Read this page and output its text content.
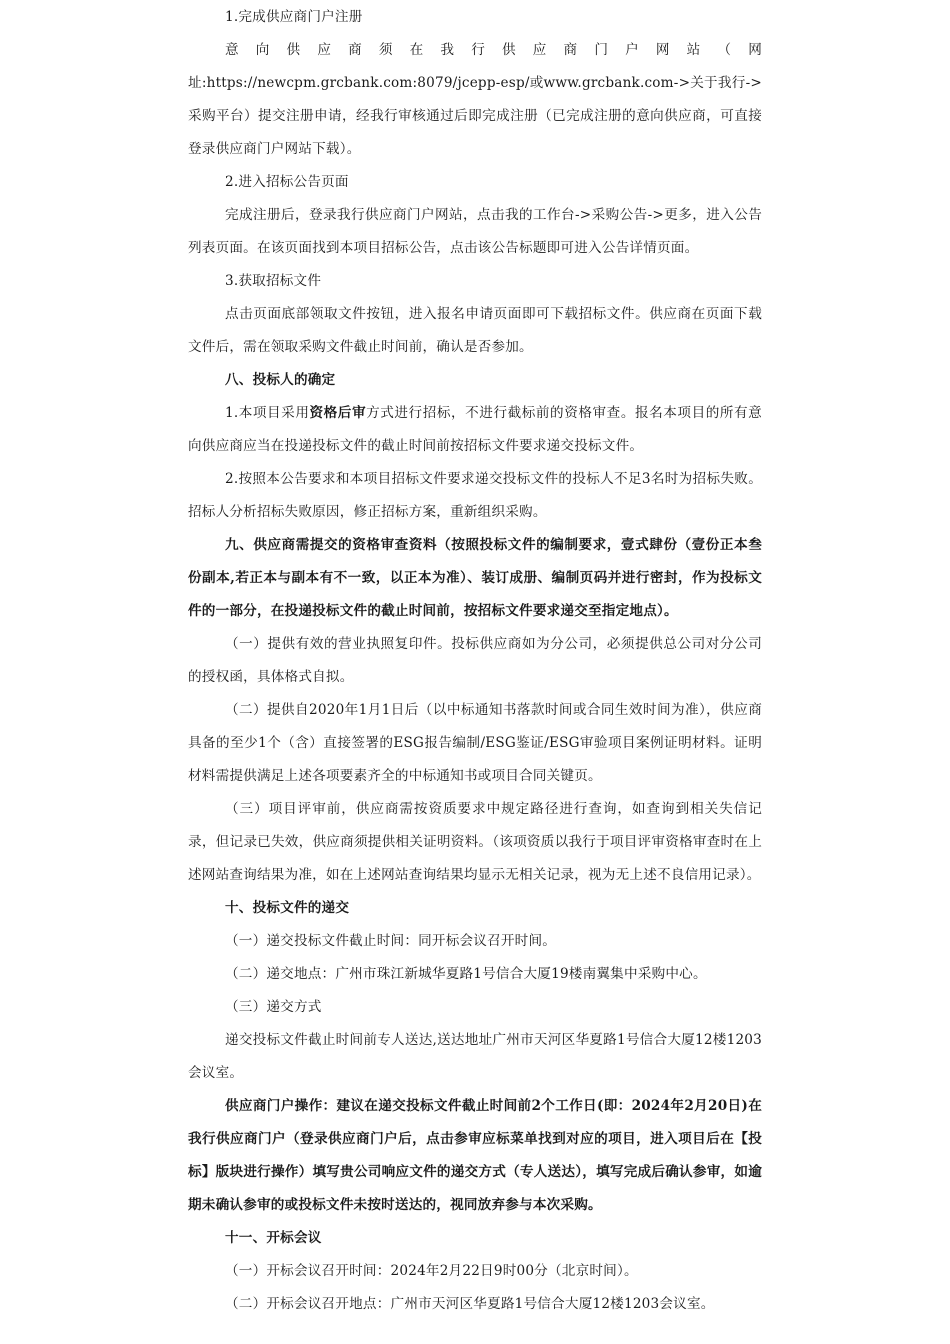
1.完成供应商门户注册

意向供应商须在我行供应商门户网站（网址:https://newcpm.grcbank.com:8079/jcepp-esp/或www.grcbank.com->关于我行->采购平台）提交注册申请，经我行审核通过后即完成注册（已完成注册的意向供应商，可直接登录供应商门户网站下载）。

2.进入招标公告页面

完成注册后，登录我行供应商门户网站，点击我的工作台->采购公告->更多，进入公告列表页面。在该页面找到本项目招标公告，点击该公告标题即可进入公告详情页面。

3.获取招标文件

点击页面底部领取文件按钮，进入报名申请页面即可下载招标文件。供应商在页面下载文件后，需在领取采购文件截止时间前，确认是否参加。

八、投标人的确定

1.本项目采用资格后审方式进行招标，不进行截标前的资格审查。报名本项目的所有意向供应商应当在投递投标文件的截止时间前按招标文件要求递交投标文件。

2.按照本公告要求和本项目招标文件要求递交投标文件的投标人不足3名时为招标失败。招标人分析招标失败原因，修正招标方案，重新组织采购。

九、供应商需提交的资格审查资料（按照投标文件的编制要求，壹式肆份（壹份正本叁份副本,若正本与副本有不一致，以正本为准）、装订成册、编制页码并进行密封，作为投标文件的一部分，在投递投标文件的截止时间前，按招标文件要求递交至指定地点）。

（一）提供有效的营业执照复印件。投标供应商如为分公司，必须提供总公司对分公司的授权函，具体格式自拟。

（二）提供自2020年1月1日后（以中标通知书落款时间或合同生效时间为准），供应商具备的至少1个（含）直接签署的ESG报告编制/ESG鉴证/ESG审验项目案例证明材料。证明材料需提供满足上述各项要素齐全的中标通知书或项目合同关键页。

（三）项目评审前，供应商需按资质要求中规定路径进行查询，如查询到相关失信记录，但记录已失效，供应商须提供相关证明资料。（该项资质以我行于项目评审资格审查时在上述网站查询结果为准，如在上述网站查询结果均显示无相关记录，视为无上述不良信用记录）。

十、投标文件的递交

（一）递交投标文件截止时间：同开标会议召开时间。

（二）递交地点：广州市珠江新城华夏路1号信合大厦19楼南翼集中采购中心。

（三）递交方式

递交投标文件截止时间前专人送达,送达地址广州市天河区华夏路1号信合大厦12楼1203会议室。

供应商门户操作：建议在递交投标文件截止时间前2个工作日(即：2024年2月20日)在我行供应商门户（登录供应商门户后，点击参审应标菜单找到对应的项目，进入项目后在【投标】版块进行操作）填写贵公司响应文件的递交方式（专人送达），填写完成后确认参审，如逾期未确认参审的或投标文件未按时送达的，视同放弃参与本次采购。

十一、开标会议

（一）开标会议召开时间：2024年2月22日9时00分（北京时间）。

（二）开标会议召开地点：广州市天河区华夏路1号信合大厦12楼1203会议室。
